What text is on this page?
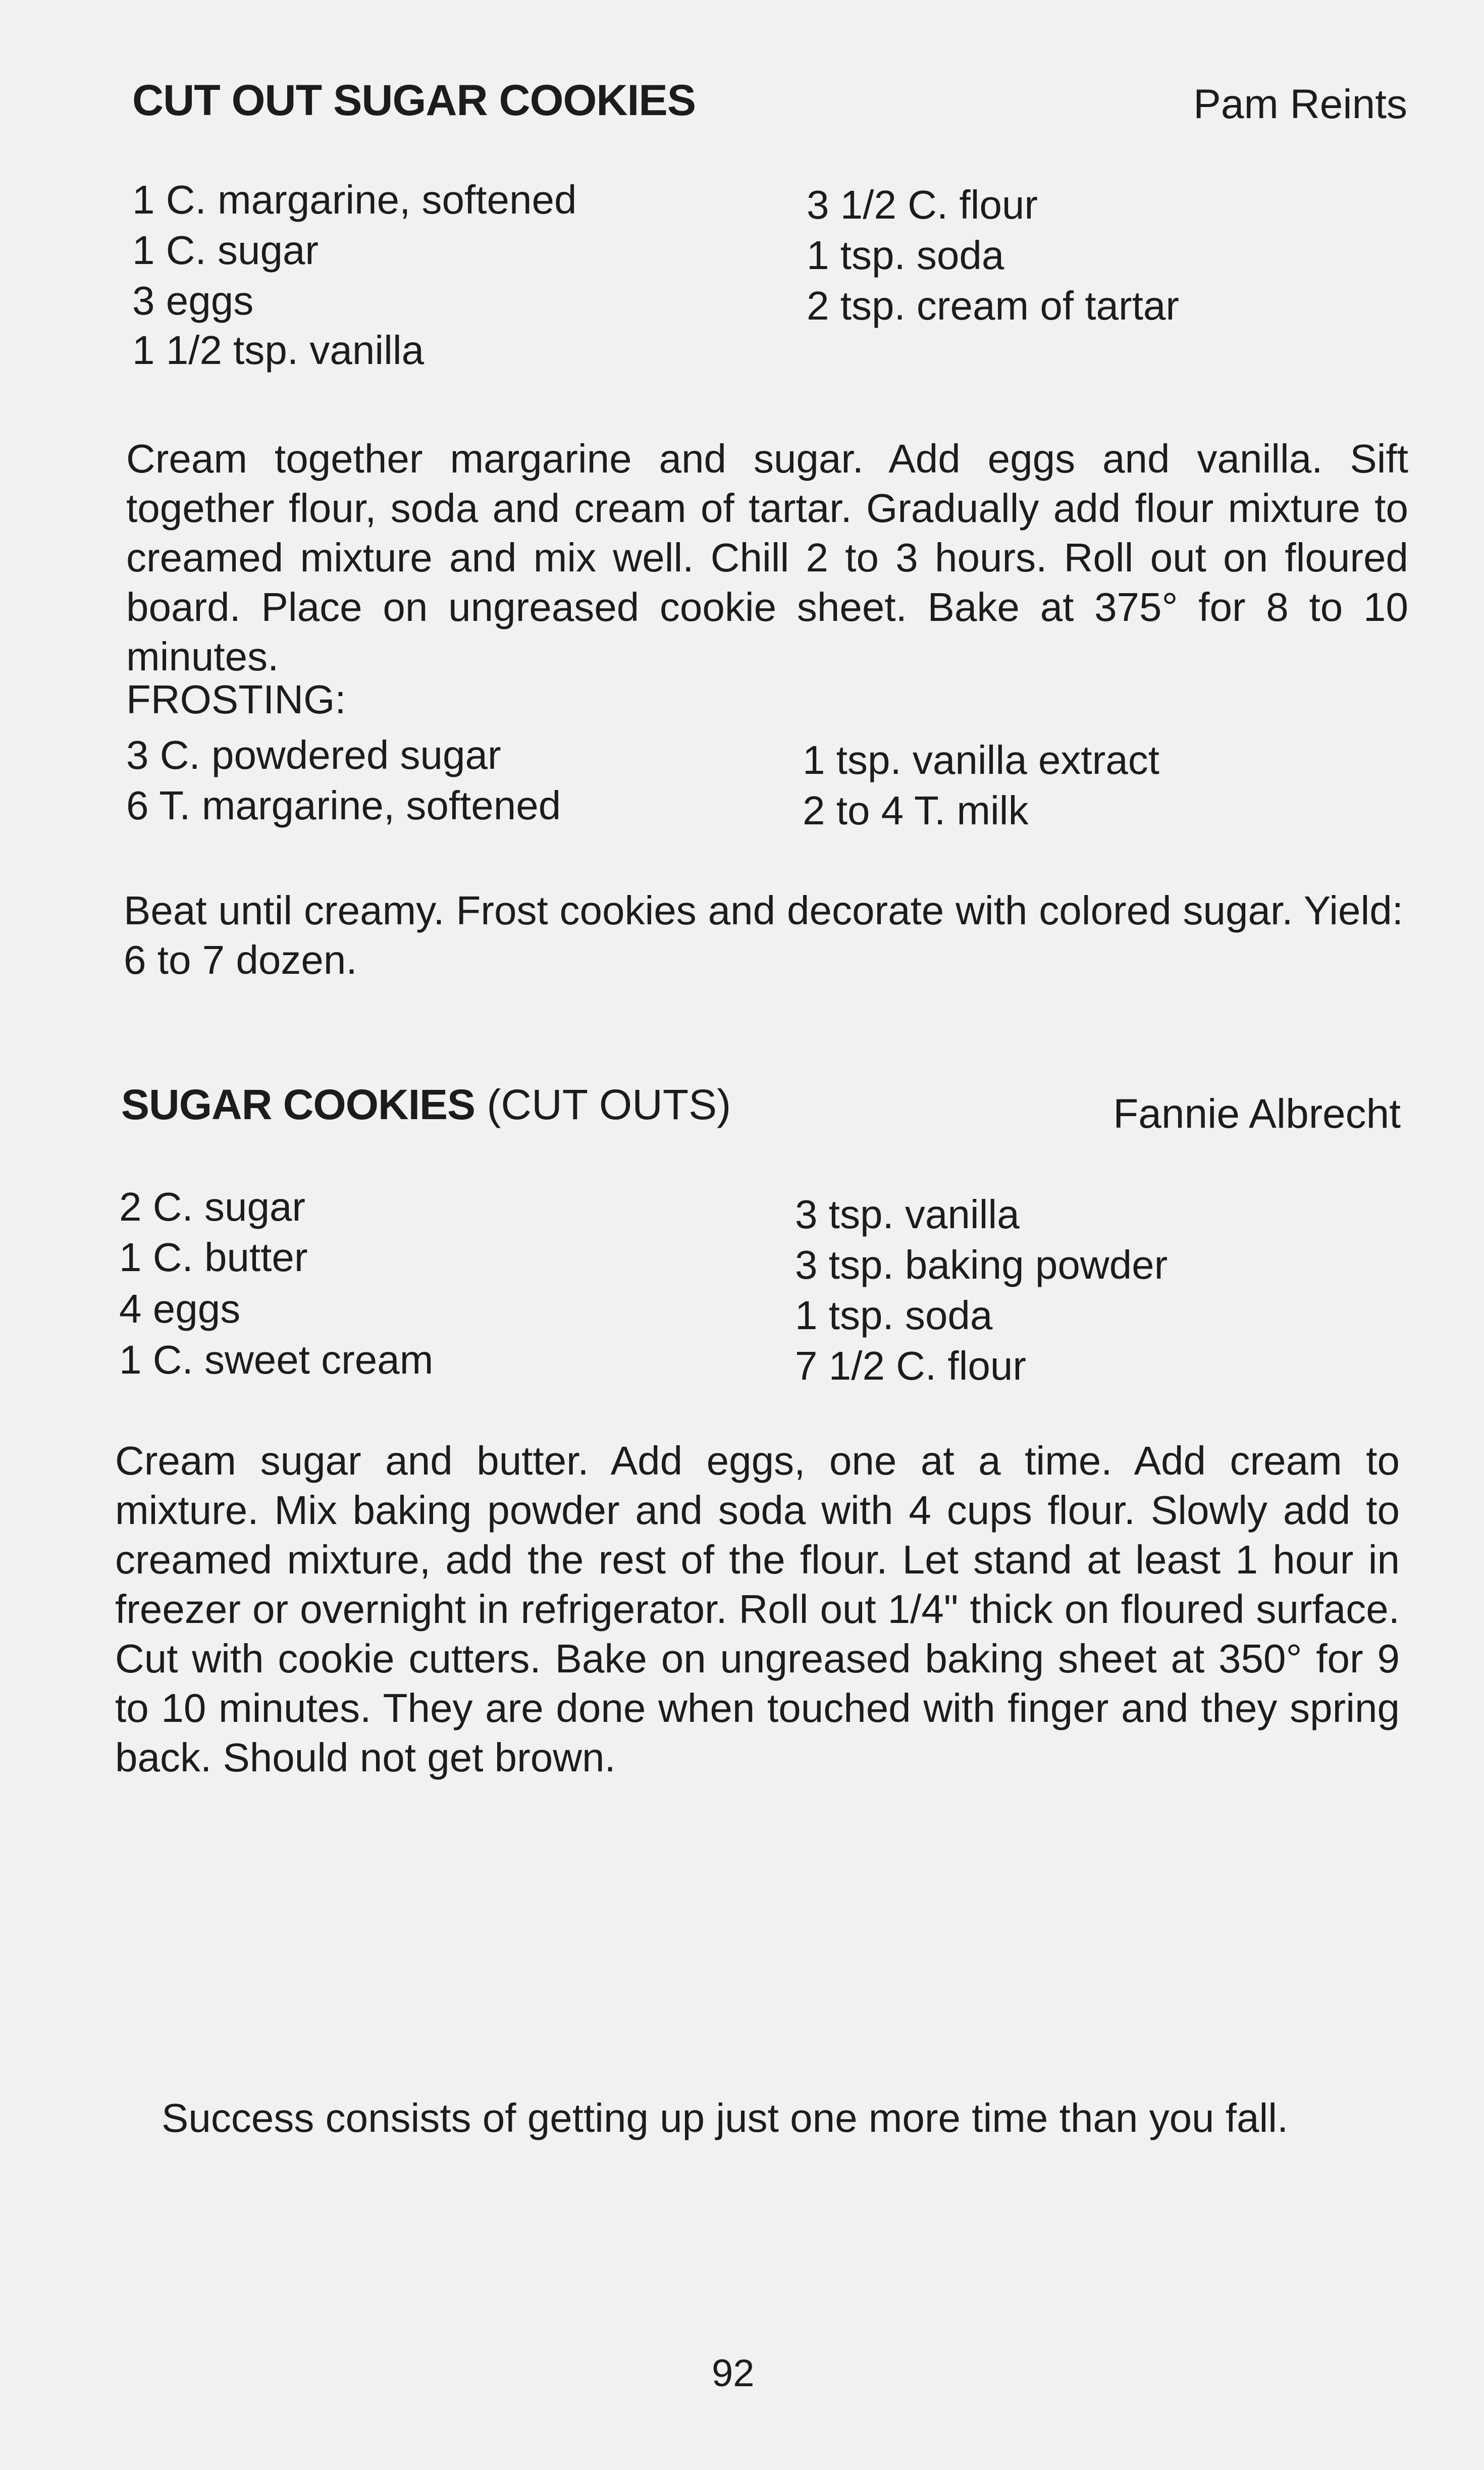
CUT OUT SUGAR COOKIES	Pam Reints
1 C. margarine, softened
1 C. sugar
3 eggs
1 1/2 tsp. vanilla
3 1/2 C. flour
1 tsp. soda
2 tsp. cream of tartar
Cream together margarine and sugar. Add eggs and vanilla. Sift together flour, soda and cream of tartar. Gradually add flour mixture to creamed mixture and mix well. Chill 2 to 3 hours. Roll out on floured board. Place on ungreased cookie sheet. Bake at 375° for 8 to 10 minutes.
FROSTING:
3 C. powdered sugar
6 T. margarine, softened
1 tsp. vanilla extract
2 to 4 T. milk
Beat until creamy. Frost cookies and decorate with colored sugar. Yield: 6 to 7 dozen.
SUGAR COOKIES (CUT OUTS)	Fannie Albrecht
2 C. sugar
1 C. butter
4 eggs
1 C. sweet cream
3 tsp. vanilla
3 tsp. baking powder
1 tsp. soda
7 1/2 C. flour
Cream sugar and butter. Add eggs, one at a time. Add cream to mixture. Mix baking powder and soda with 4 cups flour. Slowly add to creamed mixture, add the rest of the flour. Let stand at least 1 hour in freezer or overnight in refrigerator. Roll out 1/4" thick on floured surface. Cut with cookie cutters. Bake on ungreased baking sheet at 350° for 9 to 10 minutes. They are done when touched with finger and they spring back. Should not get brown.
Success consists of getting up just one more time than you fall.
92
